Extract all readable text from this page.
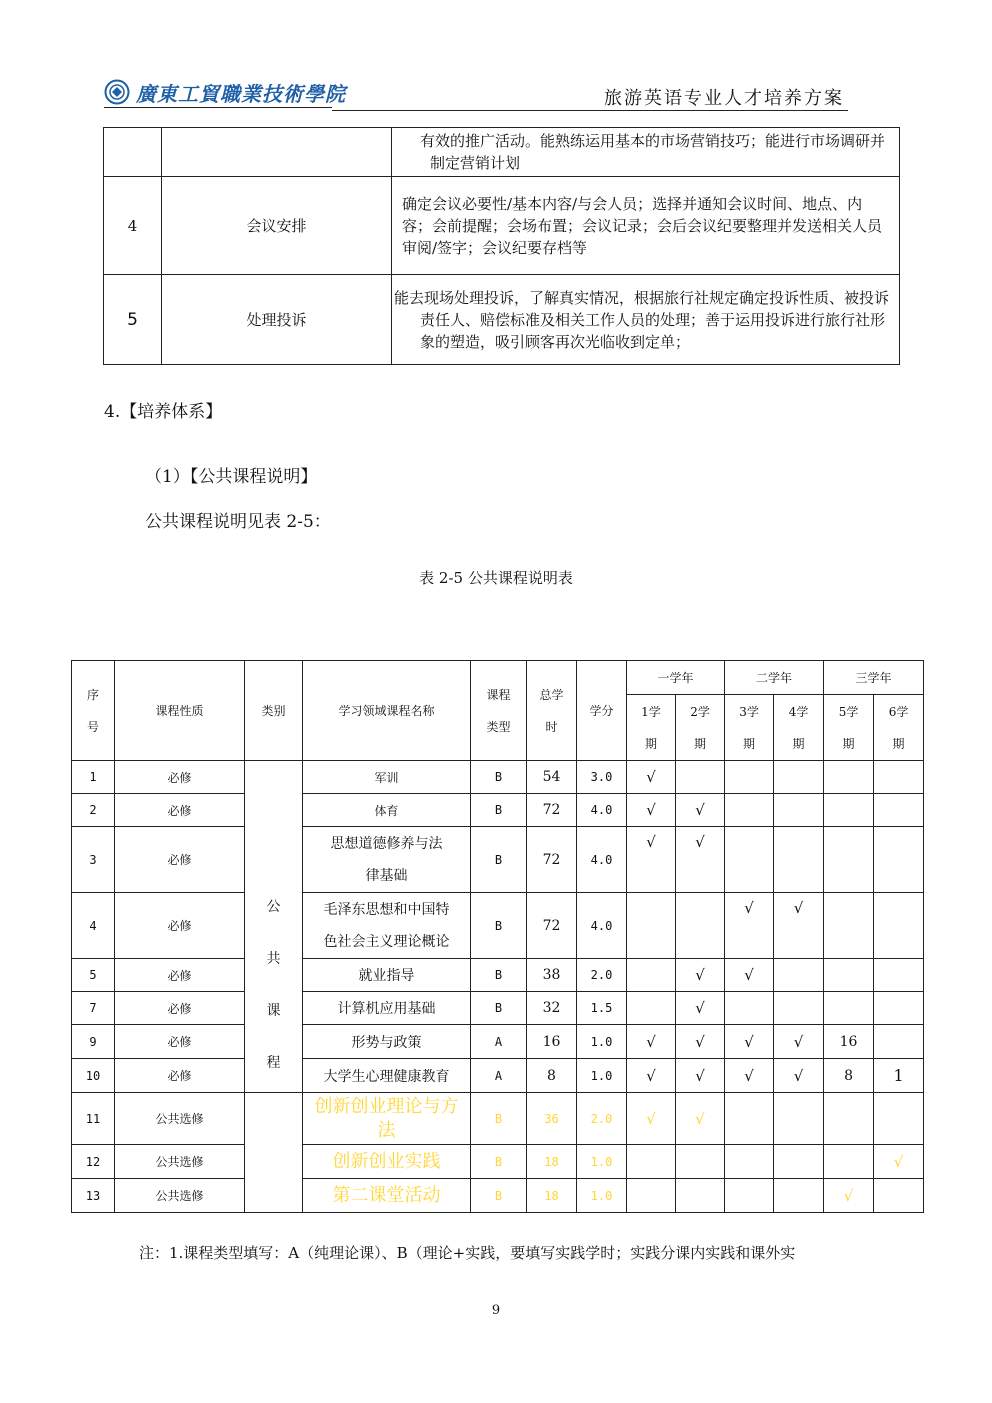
廣東工貿職業技術學院	旅游英语专业人才培养方案
		有效的推广活动。能熟练运用基本的市场营销技巧；能进行市场调研并制定营销计划
4	会议安排	确定会议必要性/基本内容/与会人员；选择并通知会议时间、地点、内容；会前提醒；会场布置；会议记录；会后会议纪要整理并发送相关人员审阅/签字；会议纪要存档等
5	处理投诉	能去现场处理投诉，了解真实情况，根据旅行社规定确定投诉性质、被投诉责任人、赔偿标准及相关工作人员的处理；善于运用投诉进行旅行社形象的塑造，吸引顾客再次光临收到定单；
4.【培养体系】
（1）【公共课程说明】
公共课程说明见表 2-5：
表 2-5 公共课程说明表
序号	课程性质	类别	学习领域课程名称	课程类型	总学时	学分	一学年		二学年		三学年	
							1学期	2学期	3学期	4学期	5学期	6学期
1	必修	公共课程	军训	B	54	3.0	√					
2	必修		体育	B	72	4.0	√	√				
3	必修		思想道德修养与法律基础	B	72	4.0	√	√				
4	必修		毛泽东思想和中国特色社会主义理论概论	B	72	4.0			√	√		
5	必修		就业指导	B	38	2.0		√	√			
7	必修		计算机应用基础	B	32	1.5		√				
9	必修		形势与政策	A	16	1.0	√	√	√	√	16	
10	必修		大学生心理健康教育	A	8	1.0	√	√	√	√	8	1
11	公共选修		创新创业理论与方法	B	36	2.0	√	√				
12	公共选修		创新创业实践	B	18	1.0						√
13	公共选修		第二课堂活动	B	18	1.0					√	
注：1.课程类型填写：A（纯理论课）、B（理论+实践，要填写实践学时；实践分课内实践和课外实
9
